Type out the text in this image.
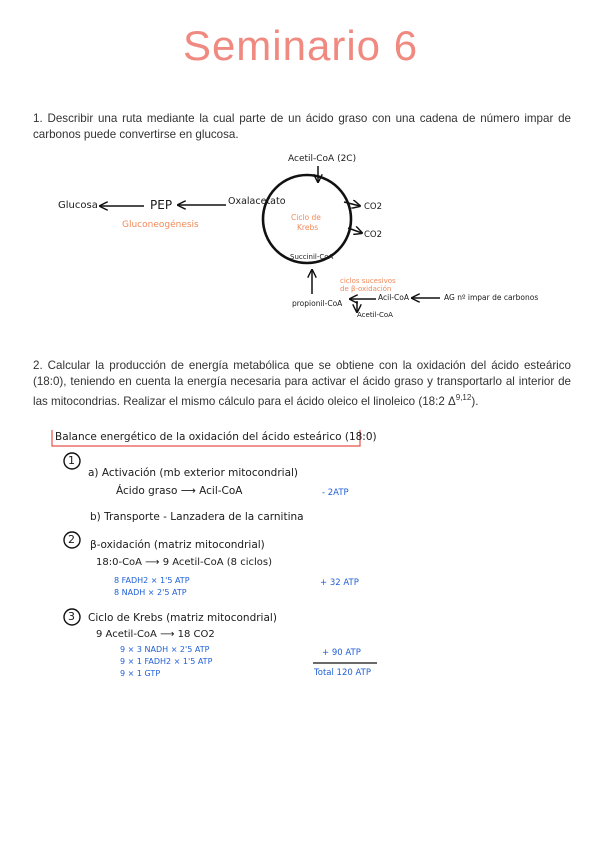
Seminario 6
1. Describir una ruta mediante la cual parte de un ácido graso con una cadena de número impar de carbonos puede convertirse en glucosa.
Acetil-CoA (2C)
Glucosa	PEP	Oxalacetato
Gluconeogénesis
Ciclo de
Krebs
CO2
CO2
Succinil-CoA
ciclos sucesivos
de β-oxidación
propionil-CoA
Acil-CoA	AG nº impar de carbonos
Acetil-CoA
2. Calcular la producción de energía metabólica que se obtiene con la oxidación del ácido esteárico (18:0), teniendo en cuenta la energía necesaria para activar el ácido graso y transportarlo al interior de las mitocondrias. Realizar el mismo cálculo para el ácido oleico el linoleico (18:2 Δ$^{9,12}$).
Balance energético de la oxidación del ácido esteárico (18:0)
1
a) Activación (mb exterior mitocondrial)
Ácido graso ⟶ Acil-CoA	- 2ATP
b) Transporte - Lanzadera de la carnitina
2 β-oxidación (matriz mitocondrial)
18:0-CoA ⟶ 9 Acetil-CoA (8 ciclos)
8 FADH2 × 1'5 ATP
8 NADH × 2'5 ATP
+ 32 ATP
3 Ciclo de Krebs (matriz mitocondrial)
9 Acetil-CoA ⟶ 18 CO2
9 × 3 NADH × 2'5 ATP
9 × 1 FADH2 × 1'5 ATP
9 × 1 GTP
+ 90 ATP
Total 120 ATP
